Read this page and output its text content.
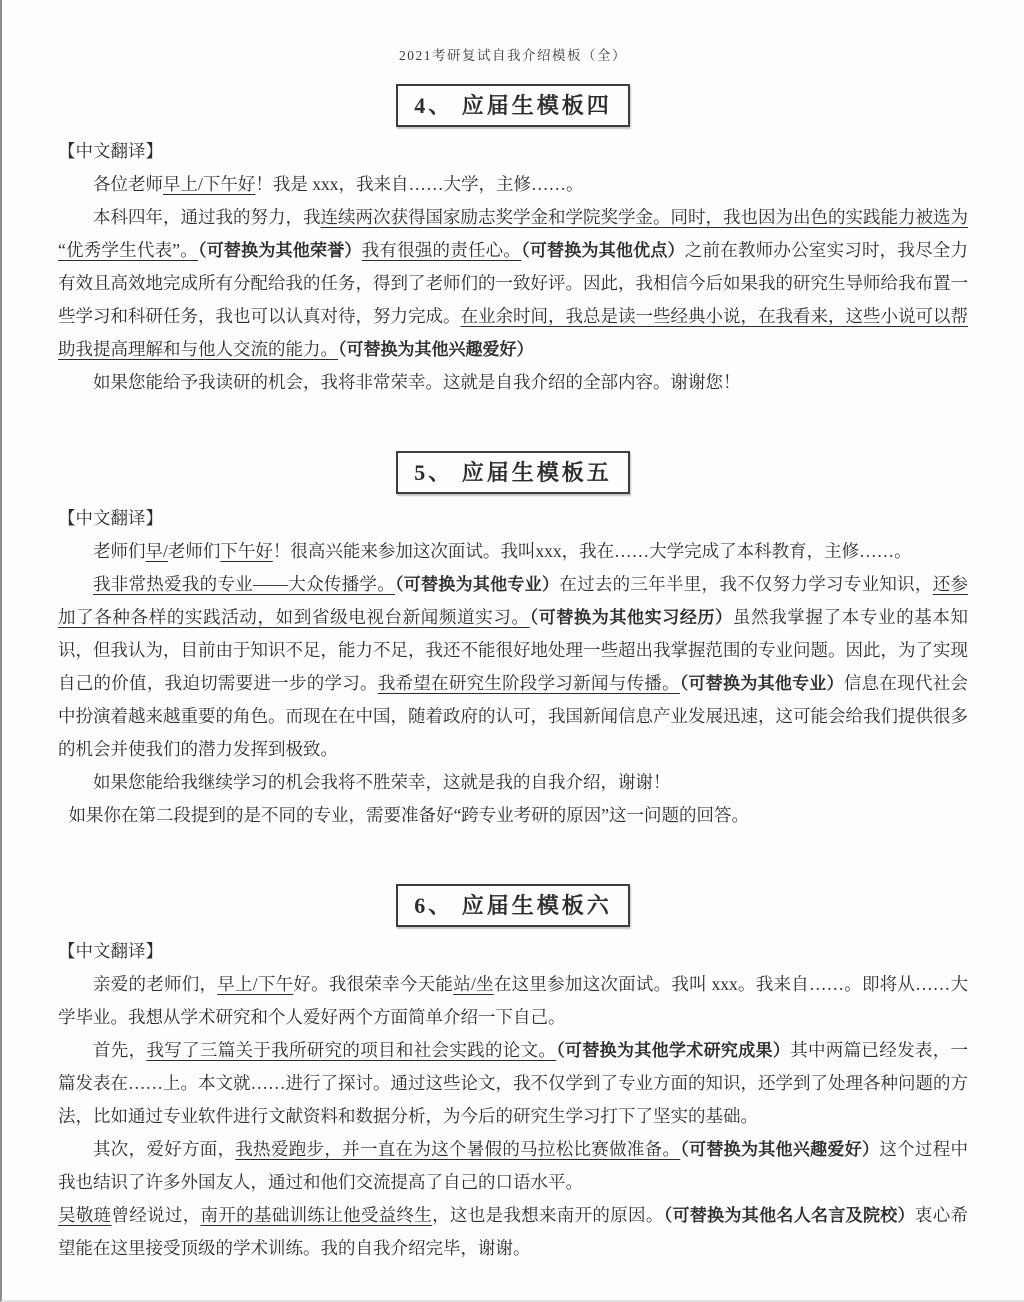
2021考研复试自我介绍模板（全）
4、 应届生模板四
【中文翻译】

各位老师早上/下午好！我是 xxx，我来自……大学，主修……。

本科四年，通过我的努力，我连续两次获得国家励志奖学金和学院奖学金。同时，我也因为出色的实践能力被选为“优秀学生代表”。（可替换为其他荣誉）我有很强的责任心。（可替换为其他优点）之前在教师办公室实习时，我尽全力有效且高效地完成所有分配给我的任务，得到了老师们的一致好评。因此，我相信今后如果我的研究生导师给我布置一些学习和科研任务，我也可以认真对待，努力完成。在业余时间，我总是读一些经典小说，在我看来，这些小说可以帮助我提高理解和与他人交流的能力。（可替换为其他兴趣爱好）

如果您能给予我读研的机会，我将非常荣幸。这就是自我介绍的全部内容。谢谢您！

5、 应届生模板五
【中文翻译】

老师们早/老师们下午好！很高兴能来参加这次面试。我叫xxx，我在……大学完成了本科教育，主修……。

我非常热爱我的专业——大众传播学。（可替换为其他专业）在过去的三年半里，我不仅努力学习专业知识，还参加了各种各样的实践活动，如到省级电视台新闻频道实习。（可替换为其他实习经历）虽然我掌握了本专业的基本知识，但我认为，目前由于知识不足，能力不足，我还不能很好地处理一些超出我掌握范围的专业问题。因此，为了实现自己的价值，我迫切需要进一步的学习。我希望在研究生阶段学习新闻与传播。（可替换为其他专业）信息在现代社会中扮演着越来越重要的角色。而现在在中国，随着政府的认可，我国新闻信息产业发展迅速，这可能会给我们提供很多的机会并使我们的潜力发挥到极致。

如果您能给我继续学习的机会我将不胜荣幸，这就是我的自我介绍，谢谢！

如果你在第二段提到的是不同的专业，需要准备好“跨专业考研的原因”这一问题的回答。

6、 应届生模板六
【中文翻译】

亲爱的老师们，早上/下午好。我很荣幸今天能站/坐在这里参加这次面试。我叫 xxx。我来自……。即将从……大学毕业。我想从学术研究和个人爱好两个方面简单介绍一下自己。

首先，我写了三篇关于我所研究的项目和社会实践的论文。（可替换为其他学术研究成果）其中两篇已经发表，一篇发表在……上。本文就……进行了探讨。通过这些论文，我不仅学到了专业方面的知识，还学到了处理各种问题的方法，比如通过专业软件进行文献资料和数据分析，为今后的研究生学习打下了坚实的基础。

其次，爱好方面，我热爱跑步，并一直在为这个暑假的马拉松比赛做准备。（可替换为其他兴趣爱好）这个过程中我也结识了许多外国友人，通过和他们交流提高了自己的口语水平。

吴敬琏曾经说过，南开的基础训练让他受益终生，这也是我想来南开的原因。（可替换为其他名人名言及院校）衷心希望能在这里接受顶级的学术训练。我的自我介绍完毕，谢谢。
